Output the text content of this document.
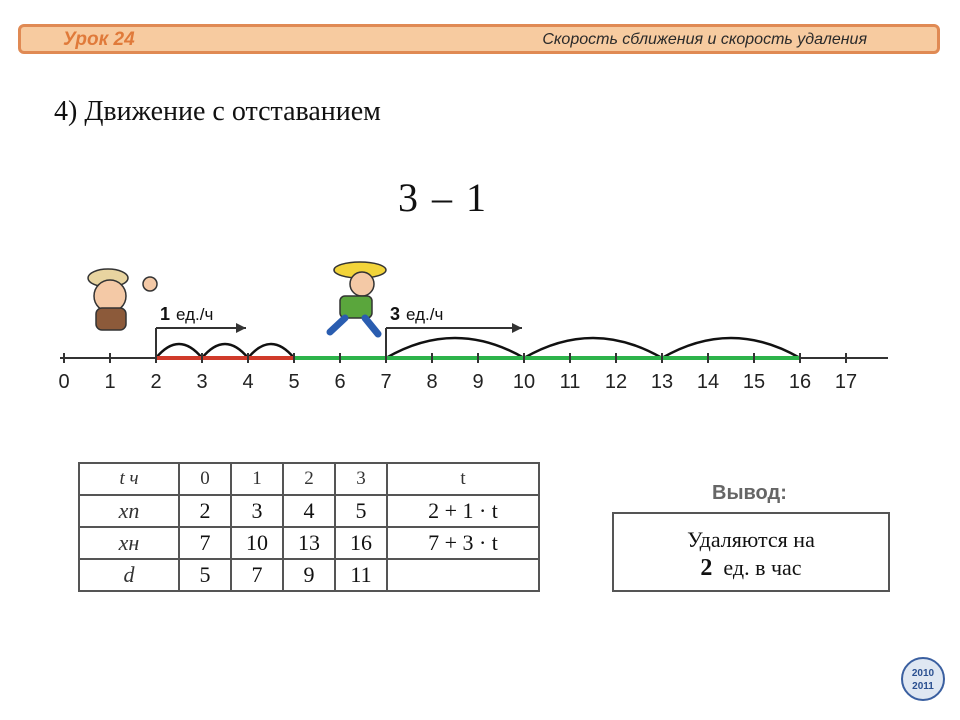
Урок 24	Скорость сближения и скорость удаления
4) Движение с отставанием
3 – 1
1 ед./ч	3 ед./ч
0 1 2 3 4 5 6 7 8 9 10 11 12 13 14 15 16 17
t ч	0	1	2	3	t
xп	2	3	4	5	2 + 1 · t
xн	7	10	13	16	7 + 3 · t
d	5	7	9	11	
Вывод:
Удаляются на
2 ед. в час
2010
2011
